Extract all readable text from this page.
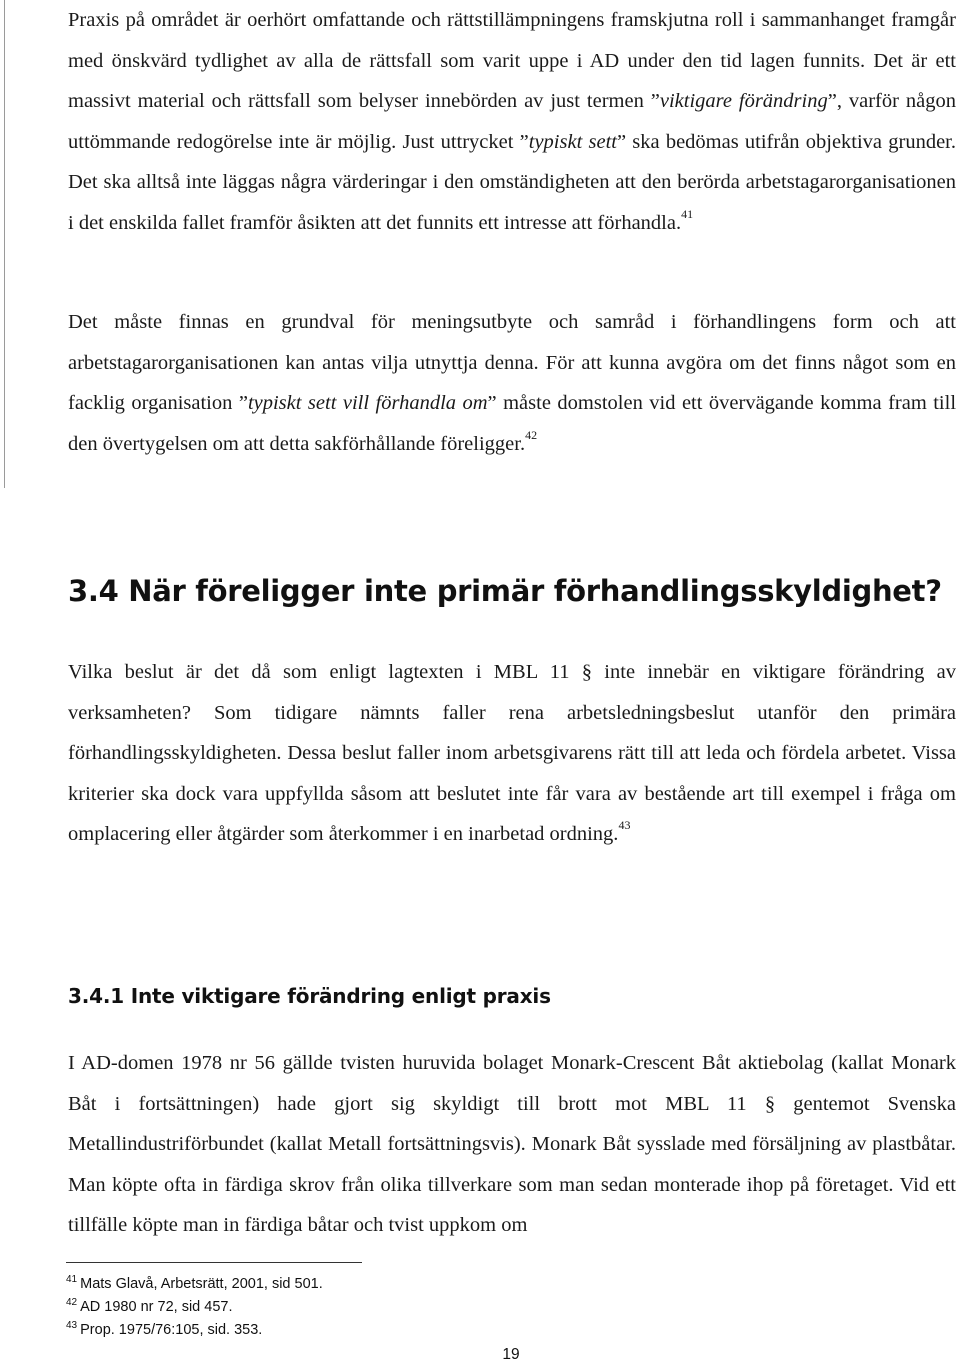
Praxis på området är oerhört omfattande och rättstillämpningens framskjutna roll i sammanhanget framgår med önskvärd tydlighet av alla de rättsfall som varit uppe i AD under den tid lagen funnits. Det är ett massivt material och rättsfall som belyser innebörden av just termen ”viktigare förändring”, varför någon uttömmande redogörelse inte är möjlig. Just uttrycket ”typiskt sett” ska bedömas utifrån objektiva grunder. Det ska alltså inte läggas några värderingar i den omständigheten att den berörda arbetstagarorganisationen i det enskilda fallet framför åsikten att det funnits ett intresse att förhandla.$^{41}$

Det måste finnas en grundval för meningsutbyte och samråd i förhandlingens form och att arbetstagarorganisationen kan antas vilja utnyttja denna. För att kunna avgöra om det finns något som en facklig organisation ”typiskt sett vill förhandla om” måste domstolen vid ett övervägande komma fram till den övertygelsen om att detta sakförhållande föreligger.$^{42}$

3.4 När föreligger inte primär förhandlingsskyldighet?

Vilka beslut är det då som enligt lagtexten i MBL 11 § inte innebär en viktigare förändring av verksamheten? Som tidigare nämnts faller rena arbetsledningsbeslut utanför den primära förhandlingsskyldigheten. Dessa beslut faller inom arbetsgivarens rätt till att leda och fördela arbetet. Vissa kriterier ska dock vara uppfyllda såsom att beslutet inte får vara av bestående art till exempel i fråga om omplacering eller åtgärder som återkommer i en inarbetad ordning.$^{43}$

3.4.1 Inte viktigare förändring enligt praxis

I AD-domen 1978 nr 56 gällde tvisten huruvida bolaget Monark-Crescent Båt aktiebolag (kallat Monark Båt i fortsättningen) hade gjort sig skyldigt till brott mot MBL 11 § gentemot Svenska Metallindustriförbundet (kallat Metall fortsättningsvis). Monark Båt sysslade med försäljning av plastbåtar. Man köpte ofta in färdiga skrov från olika tillverkare som man sedan monterade ihop på företaget. Vid ett tillfälle köpte man in färdiga båtar och tvist uppkom om

$^{41}$ Mats Glavå, Arbetsrätt, 2001, sid 501.
$^{42}$ AD 1980 nr 72, sid 457.
$^{43}$ Prop. 1975/76:105, sid. 353.
19
